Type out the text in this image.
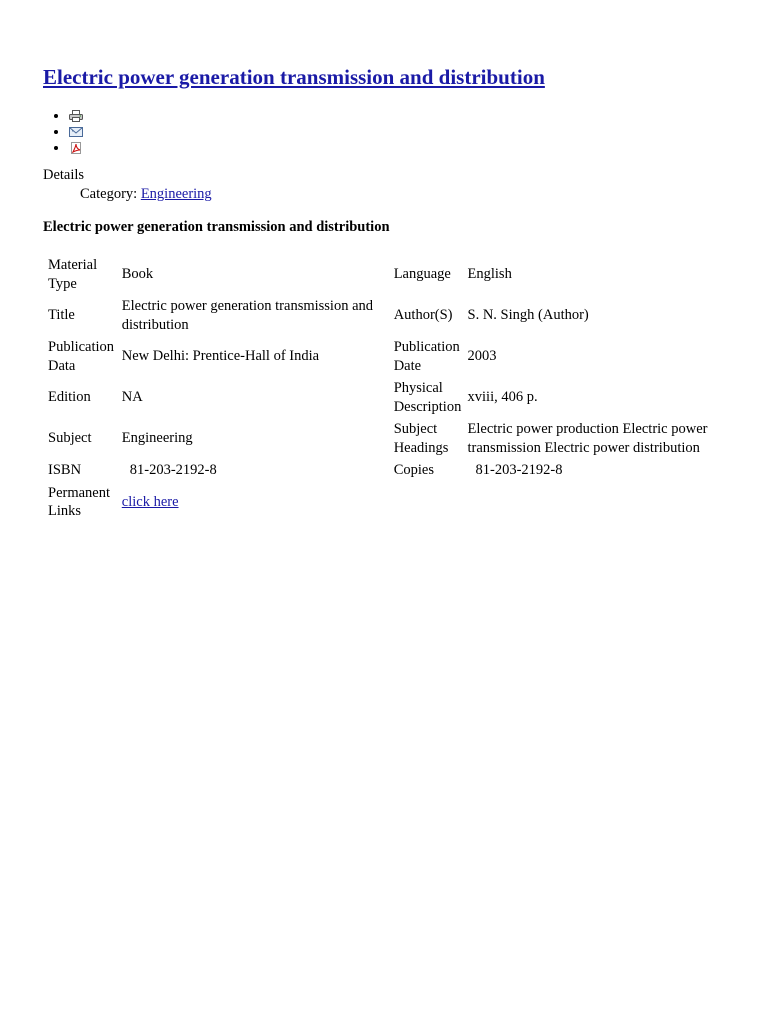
Electric power generation transmission and distribution
•
•
•
Details
Category: Engineering
Electric power generation transmission and distribution
Material Type	Book	Language	English
Title	Electric power generation transmission and distribution	Author(S)	S. N. Singh (Author)
Publication Data	New Delhi: Prentice-Hall of India	Publication Date	2003
Edition	NA	Physical Description	xviii, 406 p.
Subject	Engineering	Subject Headings	Electric power production Electric power transmission Electric power distribution
ISBN	81-203-2192-8	Copies	81-203-2192-8
Permanent Links	click here		
